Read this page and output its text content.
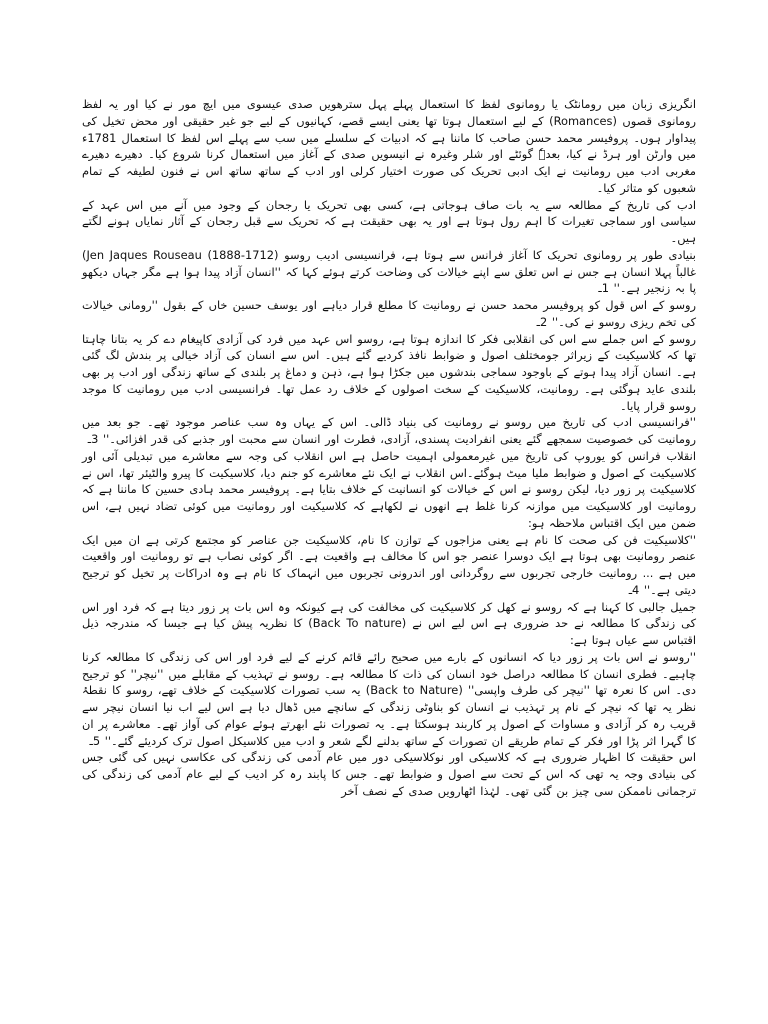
انگریزی زبان میں رومانٹک یا رومانوی لفظ کا استعمال پہلے پہل سترھویں صدی عیسوی میں ایچ مور نے کیا اور یہ لفظ رومانوی قصوں (Romances) کے لیے استعمال ہوتا تھا یعنی ایسے قصے، کہانیوں کے لیے جو غیر حقیقی اور محض تخیل کی پیداوار ہوں۔ پروفیسر محمد حسن صاحب کا ماننا ہے کہ ادبیات کے سلسلے میں سب سے پہلے اس لفظ کا استعمال 1781ء میں وارٹن اور ہرڈ نے کیا، بعدہٗ گوئٹے اور شلر وغیرہ نے انیسویں صدی کے آغاز میں استعمال کرنا شروع کیا۔ دھیرے دھیرے مغربی ادب میں رومانیت نے ایک ادبی تحریک کی صورت اختیار کرلی اور ادب کے ساتھ ساتھ اس نے فنون لطیفہ کے تمام شعبوں کو متاثر کیا۔

ادب کی تاریخ کے مطالعہ سے یہ بات صاف ہوجاتی ہے، کسی بھی تحریک یا رجحان کے وجود میں آنے میں اس عہد کے سیاسی اور سماجی تغیرات کا اہم رول ہوتا ہے اور یہ بھی حقیقت ہے کہ تحریک سے قبل رجحان کے آثار نمایاں ہونے لگتے ہیں۔

بنیادی طور پر رومانوی تحریک کا آغاز فرانس سے ہوتا ہے، فرانسیسی ادیب روسو (1712-1888) Jen Jaques Rouseau) غالباً پہلا انسان ہے جس نے اس تعلق سے اپنے خیالات کی وضاحت کرتے ہوئے کہا کہ ''انسان آزاد پیدا ہوا ہے مگر جہاں دیکھو پا بہ زنجیر ہے۔'' 1ـ

روسو کے اس قول کو پروفیسر محمد حسن نے رومانیت کا مطلع قرار دیاہے اور یوسف حسین خاں کے بقول ''رومانی خیالات کی تخم ریزی روسو نے کی۔'' 2ـ

روسو کے اس جملے سے اس کی انقلابی فکر کا اندازہ ہوتا ہے، روسو اس عہد میں فرد کی آزادی کاپیغام دے کر یہ بتانا چاہتا تھا کہ کلاسیکیت کے زیراثر جومختلف اصول و ضوابط نافذ کردیے گئے ہیں۔ اس سے انسان کی آزاد خیالی پر بندش لگ گئی ہے۔ انسان آزاد پیدا ہوتے کے باوجود سماجی بندشوں میں جکڑا ہوا ہے، ذہن و دماغ پر بلندی کے ساتھ زندگی اور ادب پر بھی بلندی عاید ہوگئی ہے۔ رومانیت، کلاسیکیت کے سخت اصولوں کے خلاف رد عمل تھا۔ فرانسیسی ادب میں رومانیت کا موجد روسو قرار پایا۔

''فرانسیسی ادب کی تاریخ میں روسو نے رومانیت کی بنیاد ڈالی۔ اس کے یہاں وہ سب عناصر موجود تھے۔ جو بعد میں رومانیت کی خصوصیت سمجھے گئے یعنی انفرادیت پسندی، آزادی، فطرت اور انسان سے محبت اور جذبے کی قدر افزائی۔'' 3ـ

انقلاب فرانس کو یوروپ کی تاریخ میں غیرمعمولی اہمیت حاصل ہے اس انقلاب کی وجہ سے معاشرے میں تبدیلی آئی اور کلاسیکیت کے اصول و ضوابط ملیا میٹ ہوگئے۔اس انقلاب نے ایک نئے معاشرے کو جنم دیا، کلاسیکیت کا پیرو والٹیئر تھا، اس نے کلاسیکیت پر زور دیا، لیکن روسو نے اس کے خیالات کو انسانیت کے خلاف بتایا ہے۔ پروفیسر محمد ہادی حسین کا ماننا ہے کہ رومانیت اور کلاسیکیت میں موازنہ کرنا غلط ہے انھوں نے لکھاہے کہ کلاسیکیت اور رومانیت میں کوئی تضاد نہیں ہے، اس ضمن میں ایک اقتباس ملاحظہ ہو:

''کلاسیکیت فن کی صحت کا نام ہے یعنی مزاجوں کے توازن کا نام، کلاسیکیت جن عناصر کو مجتمع کرتی ہے ان میں ایک عنصر رومانیت بھی ہوتا ہے ایک دوسرا عنصر جو اس کا مخالف ہے واقعیت ہے۔ اگر کوئی نصاب ہے تو رومانیت اور واقعیت میں ہے ... رومانیت خارجی تجربوں سے روگردانی اور اندرونی تجربوں میں انہماک کا نام ہے وہ ادراکات پر تخیل کو ترجیح دیتی ہے۔'' 4ـ

جمیل جالبی کا کہنا ہے کہ روسو نے کھل کر کلاسیکیت کی مخالفت کی ہے کیونکہ وہ اس بات پر زور دیتا ہے کہ فرد اور اس کی زندگی کا مطالعہ نے حد ضروری ہے اس لیے اس نے (Back To nature) کا نظریہ پیش کیا ہے جیسا کہ مندرجہ ذیل اقتباس سے عیاں ہوتا ہے:

''روسو نے اس بات پر زور دیا کہ انسانوں کے بارے میں صحیح رائے قائم کرنے کے لیے فرد اور اس کی زندگی کا مطالعہ کرنا چاہیے۔ فطری انسان کا مطالعہ دراصل خود انسان کی ذات کا مطالعہ ہے۔ روسو نے تہذیب کے مقابلے میں ''نیچر'' کو ترجیح دی۔ اس کا نعرہ تھا ''نیچر کی طرف واپسی'' (Back to Nature) یہ سب تصورات کلاسیکیت کے خلاف تھے، روسو کا نقطۂ نظر یہ تھا کہ نیچر کے نام پر تہذیب نے انسان کو بناوٹی زندگی کے سانچے میں ڈھال دیا ہے اس لیے اب نیا انسان نیچر سے قریب رہ کر آزادی و مساوات کے اصول پر کاربند ہوسکتا ہے۔ یہ تصورات نئے ابھرتے ہوئے عوام کی آواز تھے۔ معاشرے پر ان کا گہرا اثر پڑا اور فکر کے تمام طریقے ان تصورات کے ساتھ بدلنے لگے شعر و ادب میں کلاسیکل اصول ترک کردیئے گئے۔'' 5ـ

اس حقیقت کا اظہار ضروری ہے کہ کلاسیکی اور نوکلاسیکی دور میں عام آدمی کی زندگی کی عکاسی نہیں کی گئی جس کی بنیادی وجہ یہ تھی کہ اس کے تحت سے اصول و ضوابط تھے۔ جس کا پابند رہ کر ادیب کے لیے عام آدمی کی زندگی کی ترجمانی ناممکن سی چیز بن گئی تھی۔ لہٰذا اٹھارویں صدی کے نصف آخر
